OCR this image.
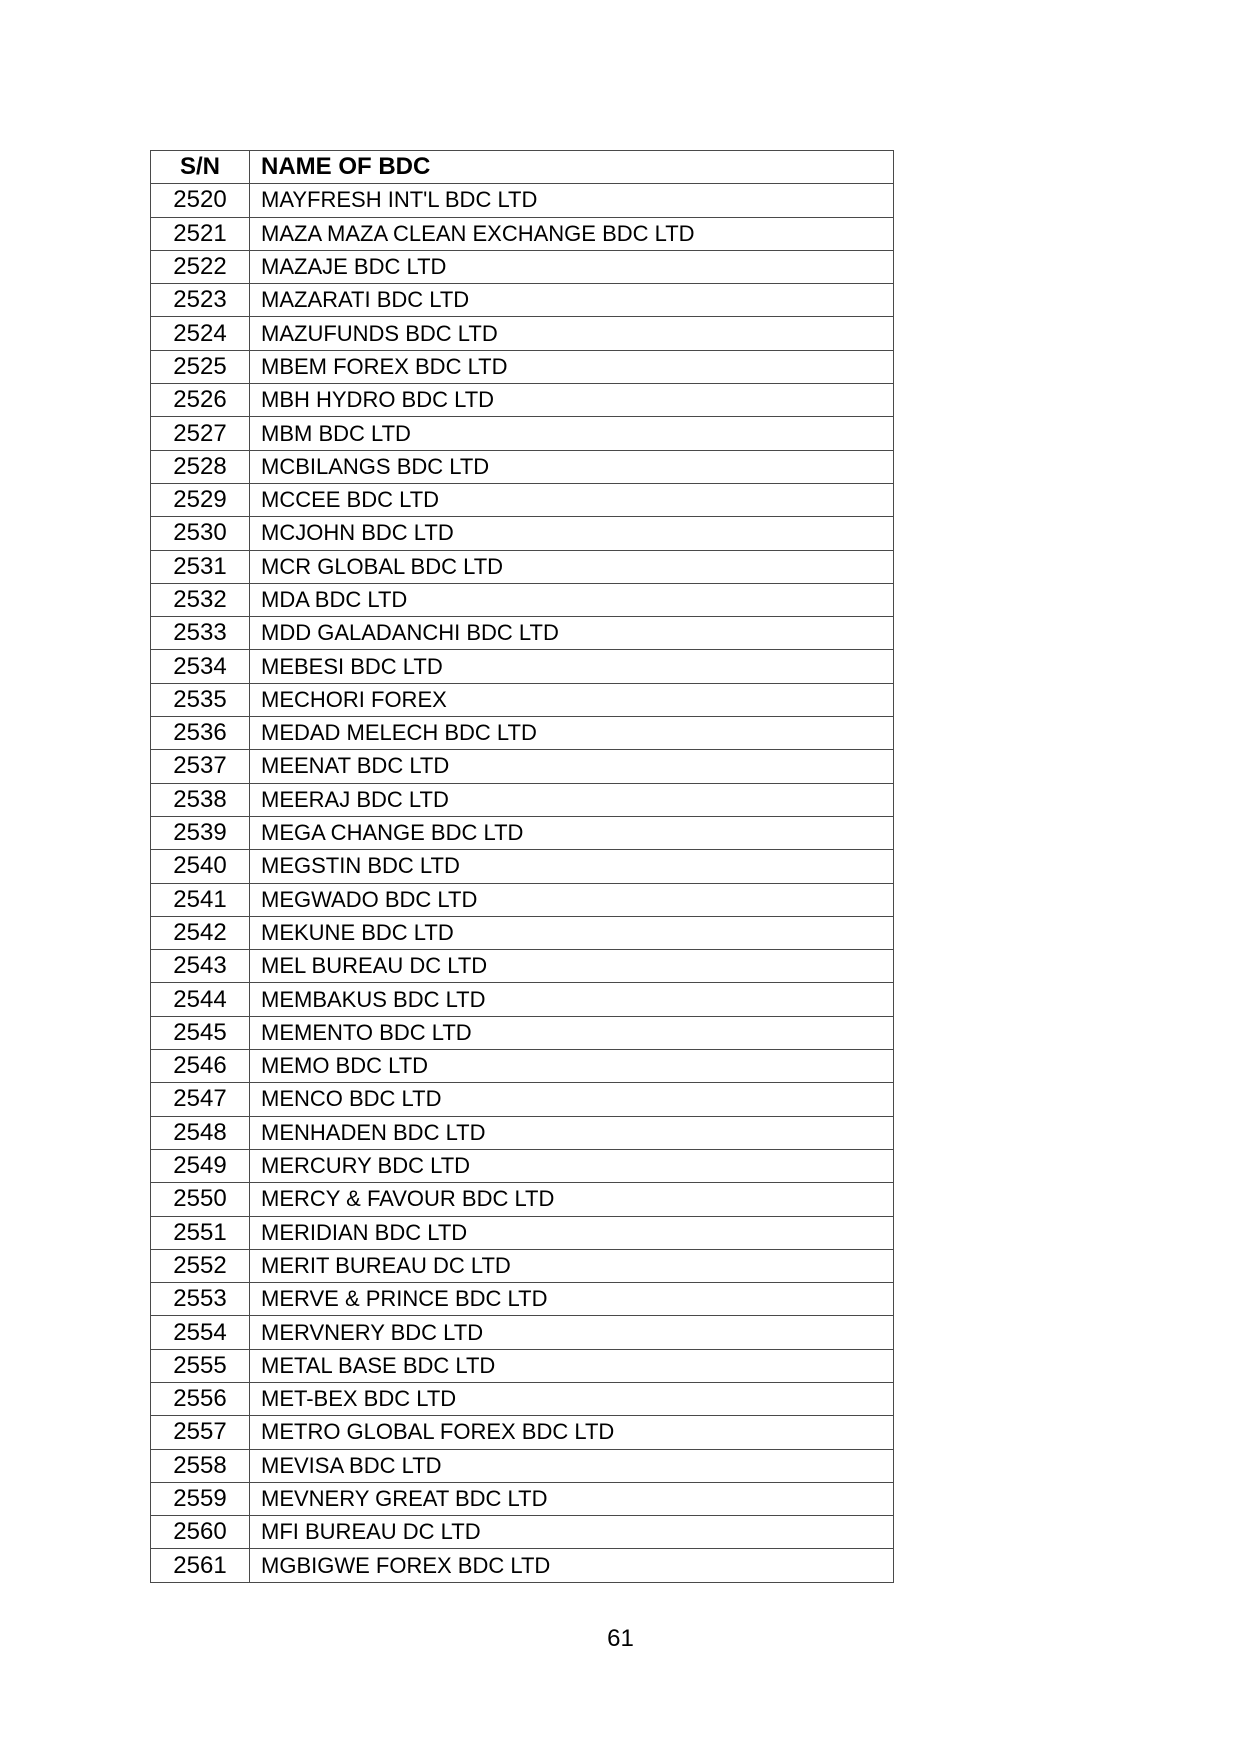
S/N	NAME OF BDC
2520	MAYFRESH INT'L BDC LTD
2521	MAZA MAZA CLEAN EXCHANGE BDC LTD
2522	MAZAJE BDC LTD
2523	MAZARATI BDC LTD
2524	MAZUFUNDS BDC LTD
2525	MBEM FOREX BDC LTD
2526	MBH HYDRO BDC LTD
2527	MBM BDC LTD
2528	MCBILANGS BDC LTD
2529	MCCEE BDC LTD
2530	MCJOHN BDC LTD
2531	MCR GLOBAL BDC LTD
2532	MDA BDC LTD
2533	MDD GALADANCHI BDC LTD
2534	MEBESI BDC LTD
2535	MECHORI FOREX
2536	MEDAD MELECH BDC LTD
2537	MEENAT BDC LTD
2538	MEERAJ BDC LTD
2539	MEGA CHANGE BDC LTD
2540	MEGSTIN BDC LTD
2541	MEGWADO BDC LTD
2542	MEKUNE BDC LTD
2543	MEL BUREAU DC LTD
2544	MEMBAKUS BDC LTD
2545	MEMENTO BDC LTD
2546	MEMO BDC LTD
2547	MENCO BDC LTD
2548	MENHADEN BDC LTD
2549	MERCURY BDC LTD
2550	MERCY & FAVOUR BDC LTD
2551	MERIDIAN BDC LTD
2552	MERIT BUREAU DC LTD
2553	MERVE & PRINCE BDC LTD
2554	MERVNERY BDC LTD
2555	METAL BASE BDC LTD
2556	MET-BEX BDC LTD
2557	METRO GLOBAL FOREX BDC LTD
2558	MEVISA BDC LTD
2559	MEVNERY GREAT BDC LTD
2560	MFI BUREAU DC LTD
2561	MGBIGWE FOREX BDC LTD
61
